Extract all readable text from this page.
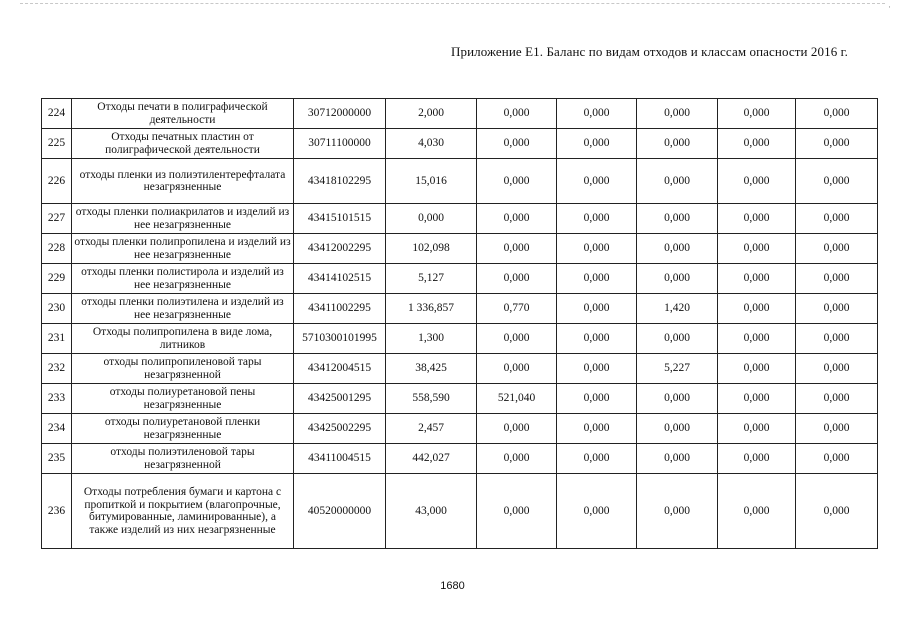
·
Приложение Е1. Баланс по видам отходов и классам опасности 2016 г.
224	Отходы печати в полиграфической деятельности	30712000000	2,000	0,000	0,000	0,000	0,000	0,000
225	Отходы печатных пластин от полиграфической деятельности	30711100000	4,030	0,000	0,000	0,000	0,000	0,000
226	отходы пленки из полиэтилентерефталата незагрязненные	43418102295	15,016	0,000	0,000	0,000	0,000	0,000
227	отходы пленки полиакрилатов и изделий из нее незагрязненные	43415101515	0,000	0,000	0,000	0,000	0,000	0,000
228	отходы пленки полипропилена и изделий из нее незагрязненные	43412002295	102,098	0,000	0,000	0,000	0,000	0,000
229	отходы пленки полистирола и изделий из нее незагрязненные	43414102515	5,127	0,000	0,000	0,000	0,000	0,000
230	отходы пленки полиэтилена и изделий из нее незагрязненные	43411002295	1 336,857	0,770	0,000	1,420	0,000	0,000
231	Отходы полипропилена в виде лома, литников	5710300101995	1,300	0,000	0,000	0,000	0,000	0,000
232	отходы полипропиленовой тары незагрязненной	43412004515	38,425	0,000	0,000	5,227	0,000	0,000
233	отходы полиуретановой пены незагрязненные	43425001295	558,590	521,040	0,000	0,000	0,000	0,000
234	отходы полиуретановой пленки незагрязненные	43425002295	2,457	0,000	0,000	0,000	0,000	0,000
235	отходы полиэтиленовой тары незагрязненной	43411004515	442,027	0,000	0,000	0,000	0,000	0,000
236	Отходы потребления бумаги и картона с пропиткой и покрытием (влагопрочные, битумированные, ламинированные), а также изделий из них незагрязненные	40520000000	43,000	0,000	0,000	0,000	0,000	0,000
1680
